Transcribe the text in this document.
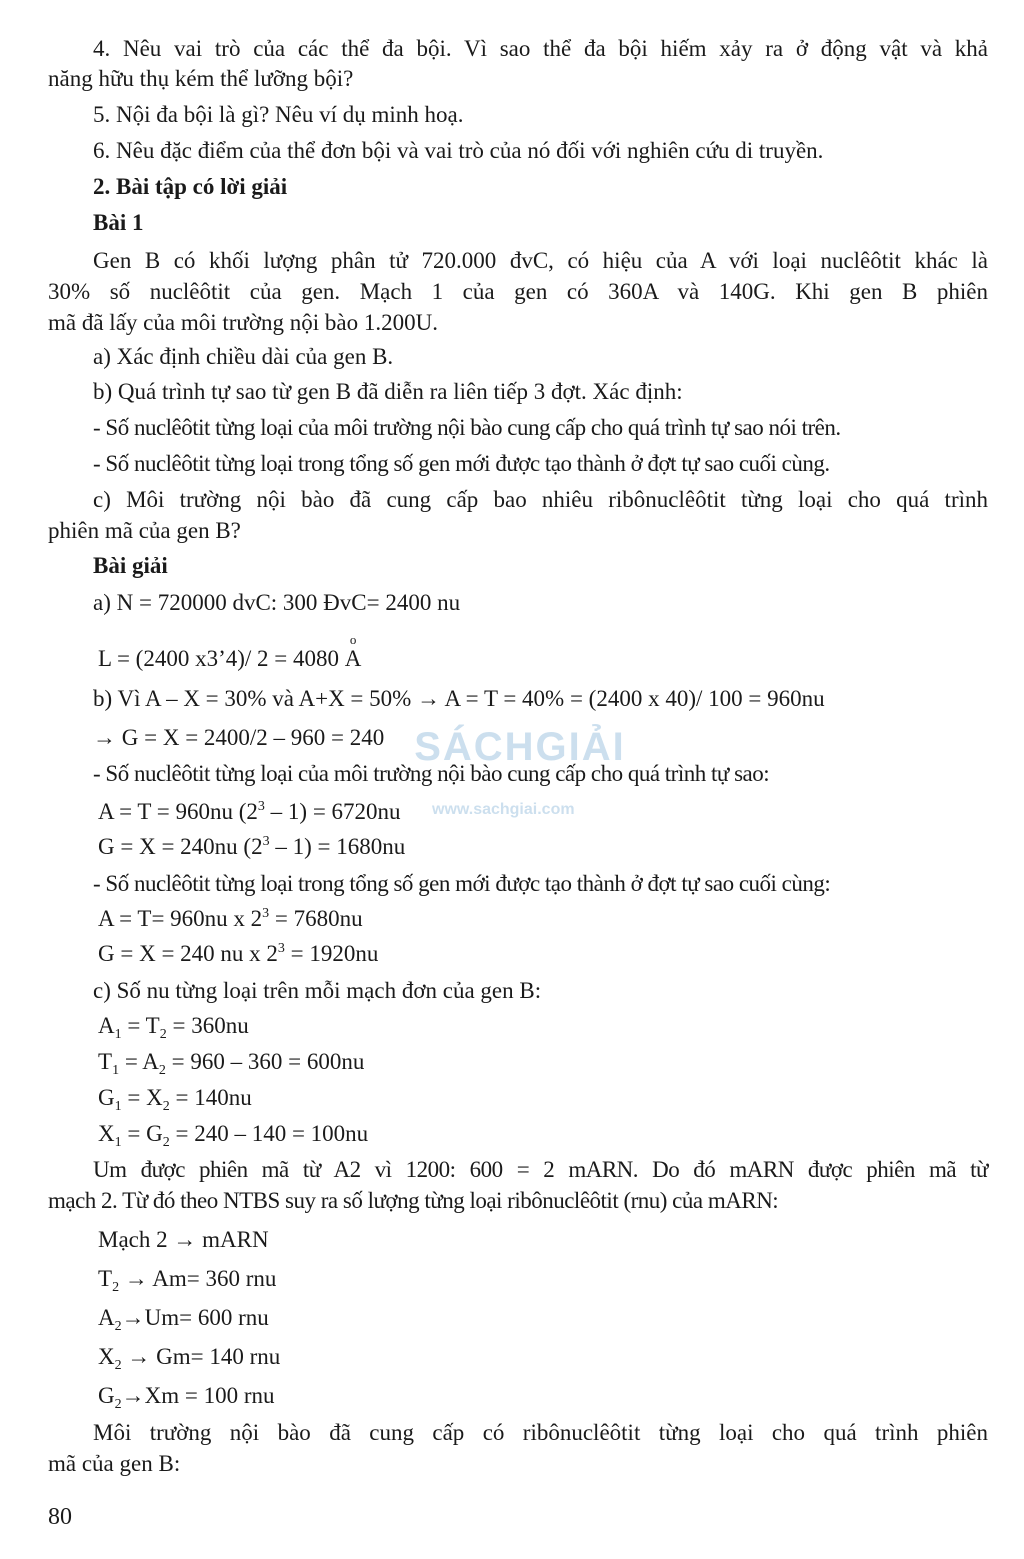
4. Nêu vai trò của các thể đa bội. Vì sao thể đa bội hiếm xảy ra ở động vật và khả
năng hữu thụ kém thể lưỡng bội?
5. Nội đa bội là gì? Nêu ví dụ minh hoạ.
6. Nêu đặc điểm của thể đơn bội và vai trò của nó đối với nghiên cứu di truyền.
2. Bài tập có lời giải
Bài 1
Gen B có khối lượng phân tử 720.000 đvC, có hiệu của A với loại nuclêôtit khác là
30% số nuclêôtit của gen. Mạch 1 của gen có 360A và 140G. Khi gen B phiên
mã đã lấy của môi trường nội bào 1.200U.
a) Xác định chiều dài của gen B.
b) Quá trình tự sao từ gen B đã diễn ra liên tiếp 3 đợt. Xác định:
- Số nuclêôtit từng loại của môi trường nội bào cung cấp cho quá trình tự sao nói trên.
- Số nuclêôtit từng loại trong tổng số gen mới được tạo thành ở đợt tự sao cuối cùng.
c) Môi trường nội bào đã cung cấp bao nhiêu ribônuclêôtit từng loại cho quá trình
phiên mã của gen B?
Bài giải
a) N = 720000 dvC: 300 ĐvC= 2400 nu
L = (2400 x3’4)/ 2 = 4080 o A
b) Vì A – X = 30% và A+X = 50% → A = T = 40% = (2400 x 40)/ 100 = 960nu
→ G = X = 2400/2 – 960 = 240
- Số nuclêôtit từng loại của môi trường nội bào cung cấp cho quá trình tự sao:
A = T = 960nu $(2^3 - 1) = 6720nu$
G = X = 240nu $(2^3 - 1) = 1680nu$
- Số nuclêôtit từng loại trong tổng số gen mới được tạo thành ở đợt tự sao cuối cùng:
A = T= 960nu x $2^3 = 7680nu$
G = X = 240 nu x $2^3 = 1920nu$
c) Số nu từng loại trên mỗi mạch đơn của gen B:
$A_1 = T_2 = 360nu$
$T_1 = A_2 = 960 - 360 = 600nu$
$G_1 = X_2 = 140nu$
$X_1 = G_2 = 240 - 140 = 100nu$
Um được phiên mã từ A2 vì 1200: 600 = 2 mARN. Do đó mARN được phiên mã từ
mạch 2. Từ đó theo NTBS suy ra số lượng từng loại ribônuclêôtit (rnu) của mARN:
Mạch 2 → mARN
$T_2 \to Am= 360$ rnu
$A_2\to Um= 600$ rnu
$X_2 \to Gm= 140$ rnu
$G_2\to Xm = 100$ rnu
Môi trường nội bào đã cung cấp có ribônuclêôtit từng loại cho quá trình phiên
mã của gen B:
SÁCHGIẢI
www.sachgiai.com
80
